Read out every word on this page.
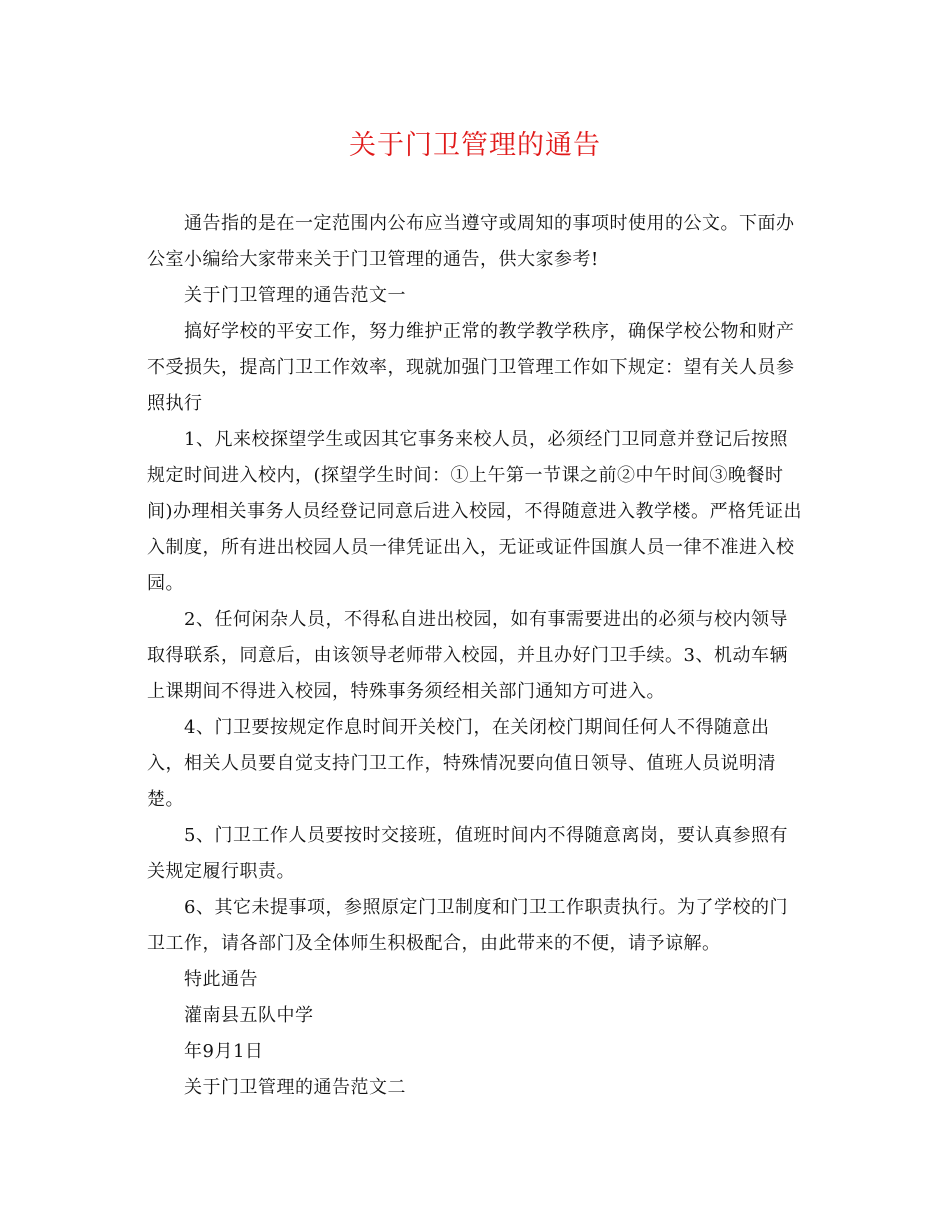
关于门卫管理的通告

通告指的是在一定范围内公布应当遵守或周知的事项时使用的公文。下面办公室小编给大家带来关于门卫管理的通告，供大家参考!

关于门卫管理的通告范文一

搞好学校的平安工作，努力维护正常的教学教学秩序，确保学校公物和财产不受损失，提高门卫工作效率，现就加强门卫管理工作如下规定：望有关人员参照执行

1、凡来校探望学生或因其它事务来校人员，必须经门卫同意并登记后按照规定时间进入校内，(探望学生时间：①上午第一节课之前②中午时间③晚餐时间)办理相关事务人员经登记同意后进入校园，不得随意进入教学楼。严格凭证出入制度，所有进出校园人员一律凭证出入，无证或证件国旗人员一律不准进入校园。

2、任何闲杂人员，不得私自进出校园，如有事需要进出的必须与校内领导取得联系，同意后，由该领导老师带入校园，并且办好门卫手续。3、机动车辆上课期间不得进入校园，特殊事务须经相关部门通知方可进入。

4、门卫要按规定作息时间开关校门，在关闭校门期间任何人不得随意出入，相关人员要自觉支持门卫工作，特殊情况要向值日领导、值班人员说明清楚。

5、门卫工作人员要按时交接班，值班时间内不得随意离岗，要认真参照有关规定履行职责。

6、其它未提事项，参照原定门卫制度和门卫工作职责执行。为了学校的门卫工作，请各部门及全体师生积极配合，由此带来的不便，请予谅解。

特此通告

灌南县五队中学

年9月1日

关于门卫管理的通告范文二
